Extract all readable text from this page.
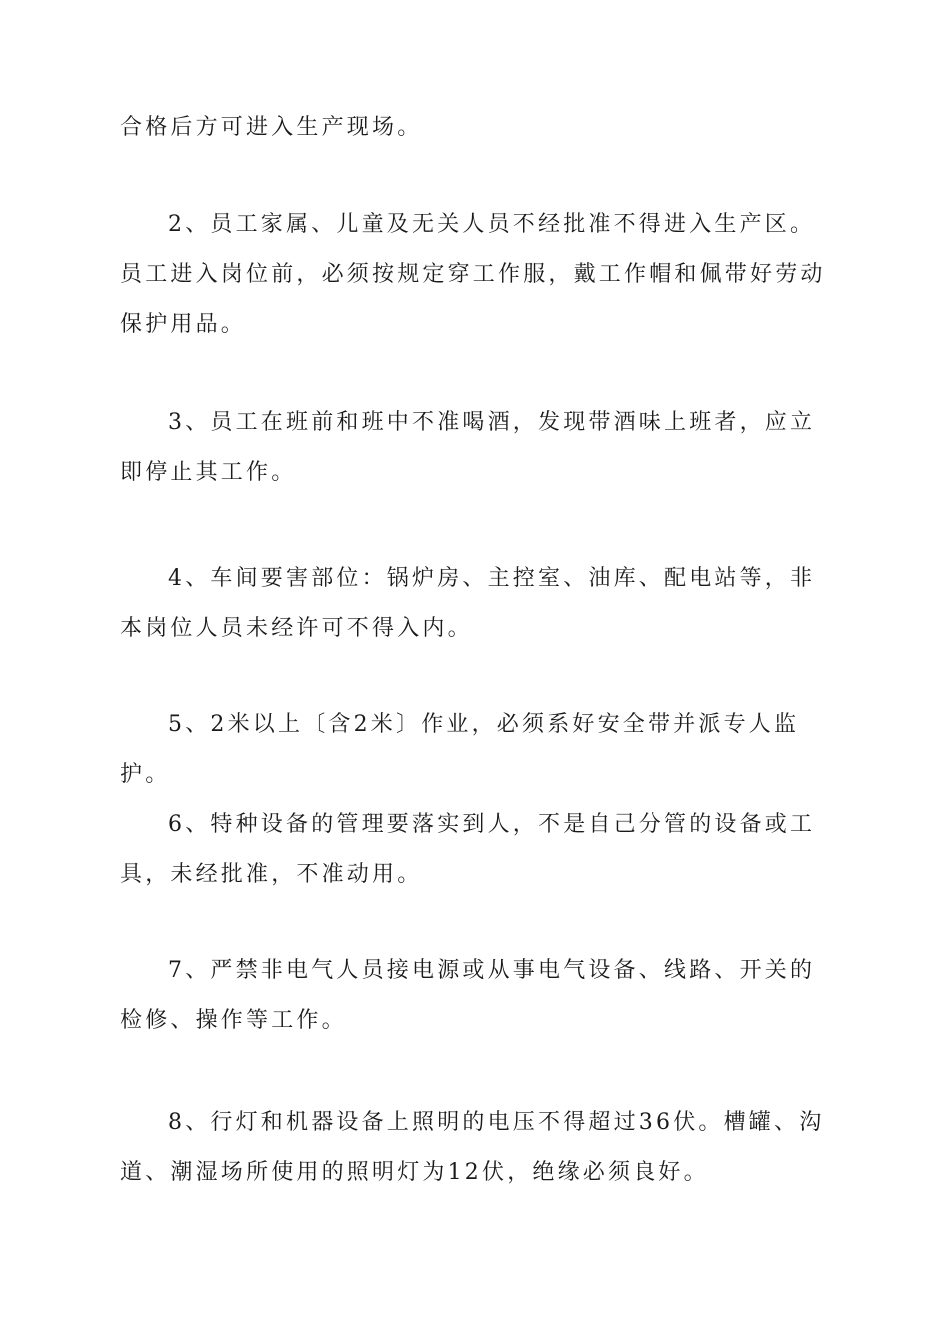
合格后方可进入生产现场。

2、员工家属、儿童及无关人员不经批准不得进入生产区。员工进入岗位前，必须按规定穿工作服，戴工作帽和佩带好劳动保护用品。

3、员工在班前和班中不准喝酒，发现带酒味上班者，应立即停止其工作。

4、车间要害部位：锅炉房、主控室、油库、配电站等，非本岗位人员未经许可不得入内。

5、2米以上〔含2米〕作业，必须系好安全带并派专人监护。

6、特种设备的管理要落实到人，不是自己分管的设备或工具，未经批准，不准动用。

7、严禁非电气人员接电源或从事电气设备、线路、开关的检修、操作等工作。

8、行灯和机器设备上照明的电压不得超过36伏。槽罐、沟道、潮湿场所使用的照明灯为12伏，绝缘必须良好。
